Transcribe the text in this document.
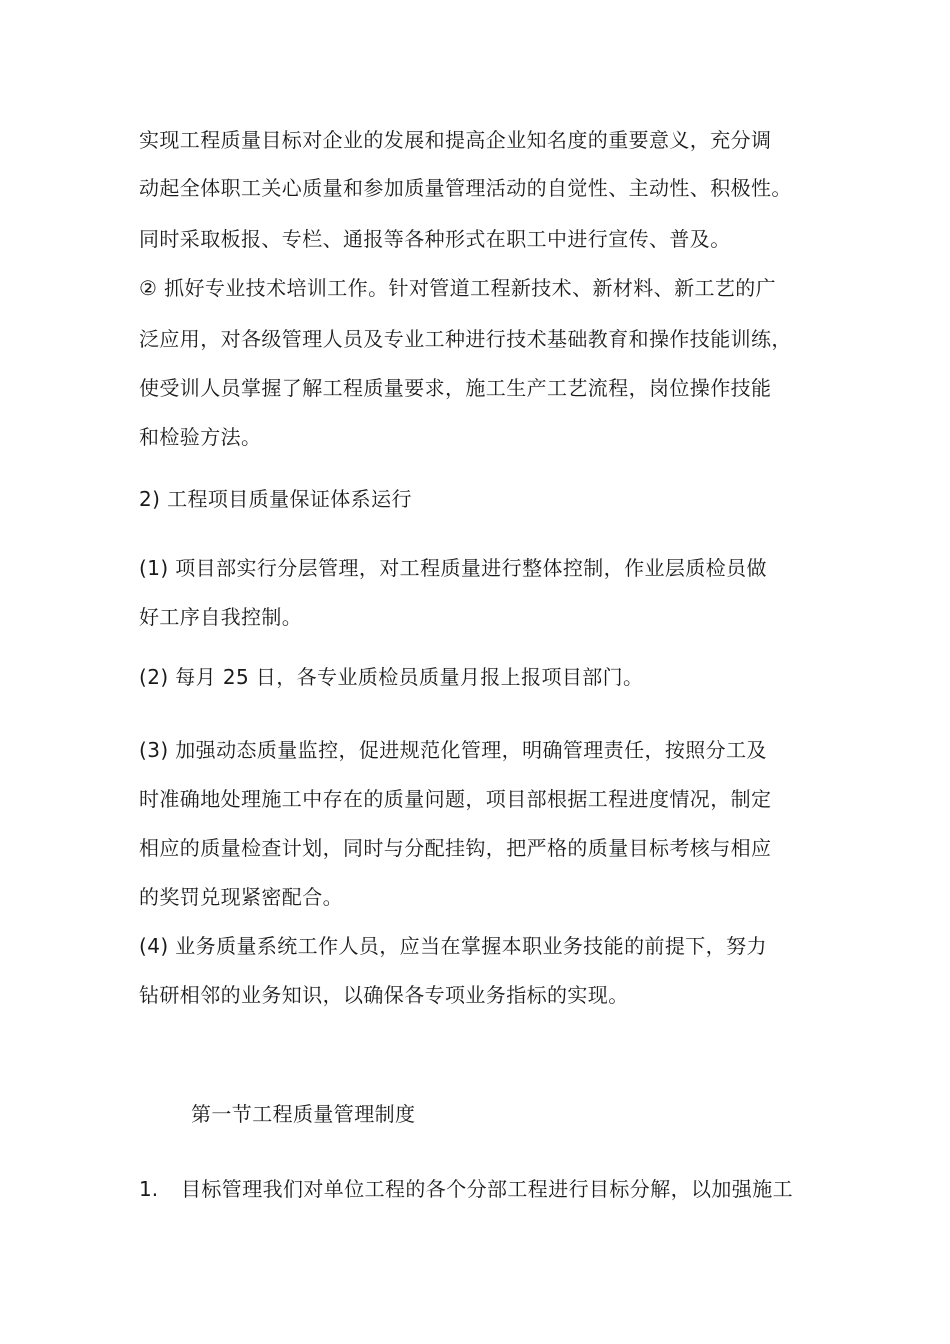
实现工程质量目标对企业的发展和提高企业知名度的重要意义，充分调
动起全体职工关心质量和参加质量管理活动的自觉性、主动性、积极性。
同时采取板报、专栏、通报等各种形式在职工中进行宣传、普及。
② 抓好专业技术培训工作。针对管道工程新技术、新材料、新工艺的广
泛应用，对各级管理人员及专业工种进行技术基础教育和操作技能训练，
使受训人员掌握了解工程质量要求，施工生产工艺流程，岗位操作技能
和检验方法。
2) 工程项目质量保证体系运行
(1) 项目部实行分层管理，对工程质量进行整体控制，作业层质检员做
好工序自我控制。
(2) 每月 25 日，各专业质检员质量月报上报项目部门。
(3) 加强动态质量监控，促进规范化管理，明确管理责任，按照分工及
时准确地处理施工中存在的质量问题，项目部根据工程进度情况，制定
相应的质量检查计划，同时与分配挂钩，把严格的质量目标考核与相应
的奖罚兑现紧密配合。
(4) 业务质量系统工作人员，应当在掌握本职业务技能的前提下，努力
钻研相邻的业务知识，以确保各专项业务指标的实现。
第一节工程质量管理制度
1. 目标管理我们对单位工程的各个分部工程进行目标分解，以加强施工
